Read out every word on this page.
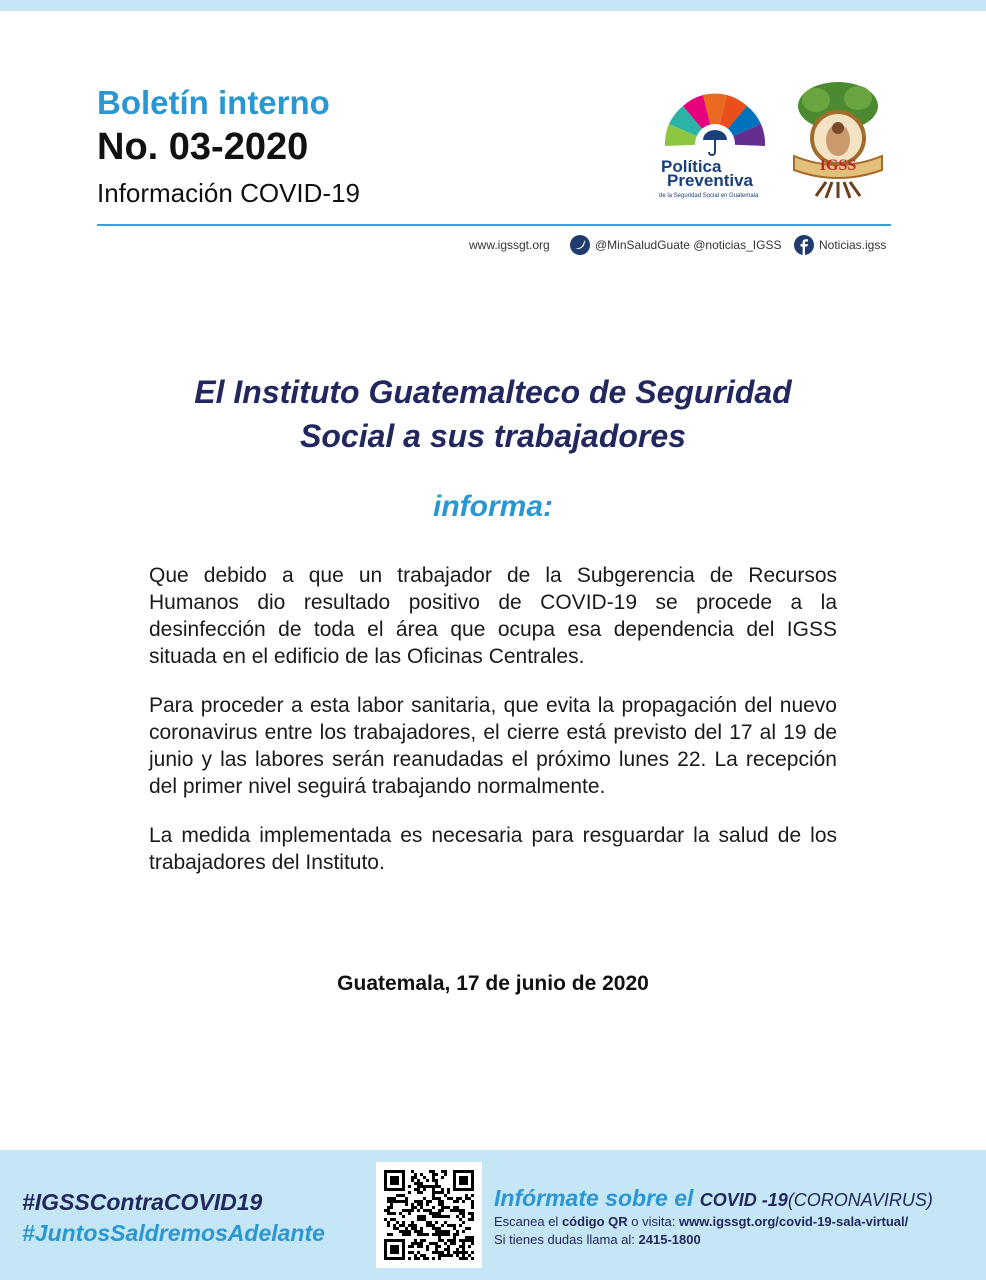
Boletín interno
No. 03-2020
Información COVID-19
Política
Preventiva
de la Seguridad Social en Guatemala
IGSS
www.igssgt.org	@MinSaludGuate @noticias_IGSS	Noticias.igss
El Instituto Guatemalteco de Seguridad
Social a sus trabajadores
informa:

Que debido a que un trabajador de la Subgerencia de Recursos Humanos dio resultado positivo de COVID-19 se procede a la desinfección de toda el área que ocupa esa dependencia del IGSS situada en el edificio de las Oficinas Centrales.

Para proceder a esta labor sanitaria, que evita la propagación del nuevo coronavirus entre los trabajadores, el cierre está previsto del 17 al 19 de junio y las labores serán reanudadas el próximo lunes 22. La recepción del primer nivel seguirá trabajando normalmente.

La medida implementada es necesaria para resguardar la salud de los trabajadores del Instituto.

Guatemala, 17 de junio de 2020
#IGSSContraCOVID19
#JuntosSaldremosAdelante
Infórmate sobre el COVID -19(CORONAVIRUS)
Escanea el código QR o visita: www.igssgt.org/covid-19-sala-virtual/
Si tienes dudas llama al: 2415-1800
